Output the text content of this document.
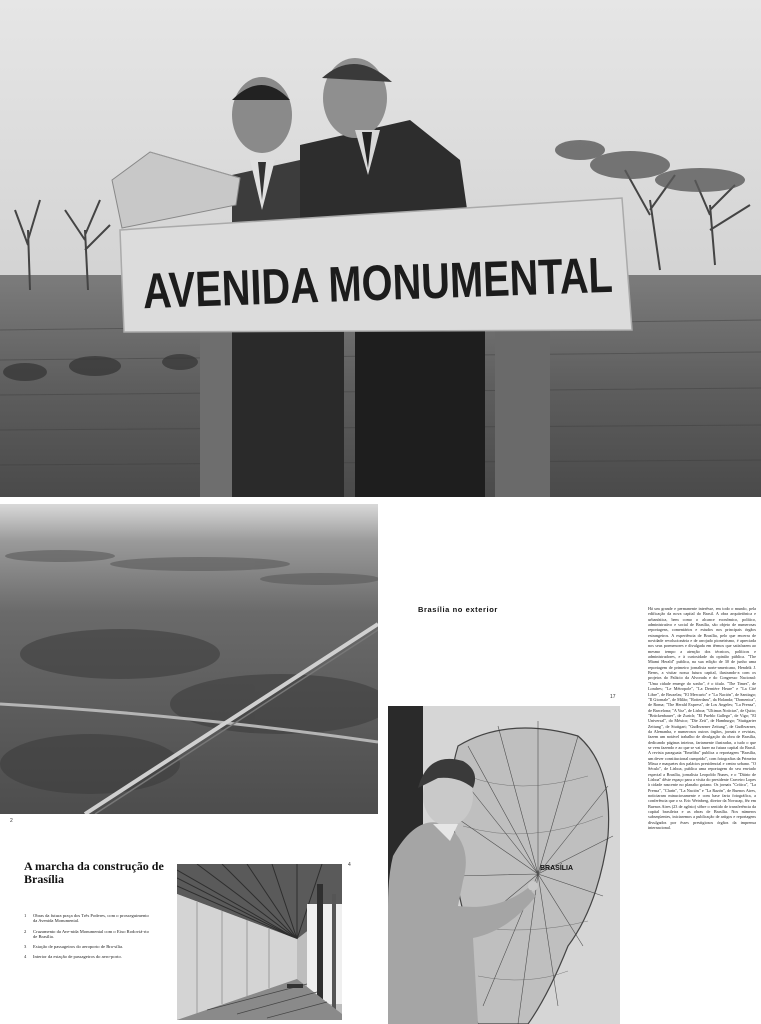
AVENIDA MONUMENTAL
2
A marcha da construção de Brasília
1	Obras da futura praça dos Três Poderes, com o prosseguimento da Avenida Monumental.
2	Cruzamento da Ave-nida Monumental com o Eixo Rodoviá-rio de Brasília.
3	Estação de passageiros do aeroporto de Bra-sília.
4	Interior da estação de passageiros do aero-porto.
4
Brasília no exterior	Há um grande e permanente interêsse, em todo o mundo, pela edificação da nova capital do Brasil. A obra arquitetônica e urbanística, bem como o alcance econômico, político, administrativo e social de Brasília, são objeto de numerosas reportagens, comentários e estudos nos principais órgãos estrangeiros. A experiência de Brasília, pelo que encerra de novidade revolucionária e de arrojado pioneirismo, é apreciada nos seus pormenores e divulgada em têrmos que satisfazem ao mesmo tempo a atenção dos técnicos, políticos e administradores, e à curiosidade da opinião pública. "The Miami Herald" publica, na sua edição de 30 de junho uma reportagem de primeiro jornalista norte-americano, Hendrik J. Berns, a visitar nossa futura capital, ilustrando-a com os projetos do Palácio da Alvorada e do Congresso Nacional: "Uma cidade emerge do sonho", é o título. "The Times", de Londres; "Le Métropole", "La Dernière Heure" e "La Cité Libre", de Bruxelas; "El Mercurio" e "La Nación", de Santiago; "Il Giornale", de Milão; "Rotterdam", da Holanda; "Domenica", de Roma; "The Herald Express", de Los Angeles; "La Prensa", de Barcelona; "A Voz", de Lisboa; "Ultimas Noticias", de Quito; "Brückenbauer", de Zurich; "El Pueblo Gallego", de Vigo; "El Universal", do México; "Die Zeit", de Hamburgo; "Stuttgarter Zeitung", de Stuttgart; "Gudbvarner Zeitung", de Gudbvarner, da Alemanha, e numerosos outros órgãos, jornais e revistas, fazem um notável trabalho de divulgação da obra de Brasília, dedicando páginas inteiras, fartamente ilustradas, a tudo o que se vem fazendo e ao que se vai fazer na futura capital do Brasil. A revista paraguaia "Emeliba" publica a reportagem "Brasília, um dever constitucional cumprido", com fotografias da Primeira Missa e maquetes dos palácios presidencial e centro urbano. "O Século", de Lisboa, publica uma reportagem do seu enviado especial a Brasília, jornalista Leopoldo Nunes, e o "Diário de Lisboa" dêste espaço para a visita do presidente Craveiro Lopes à cidade nascente no planalto goiano. Os jornais "Crítica", "La Prensa", "Clarín", "La Nación" e "La Razón", de Buenos Aires, noticiaram minuciosamente e com base farta fotográfica, a conferência que o sr. Eric Weinberg, diretor da Novacap, fêz em Buenos Aires (23 de agôsto) sôbre o sentido de transferência da capital brasileira e as obras de Brasília. Nos números subseqüentes, iniciaremos a publicação de artigos e reportagens divulgados por êsses prestigiosos órgãos da imprensa internacional.

17
BRASÍLIA
